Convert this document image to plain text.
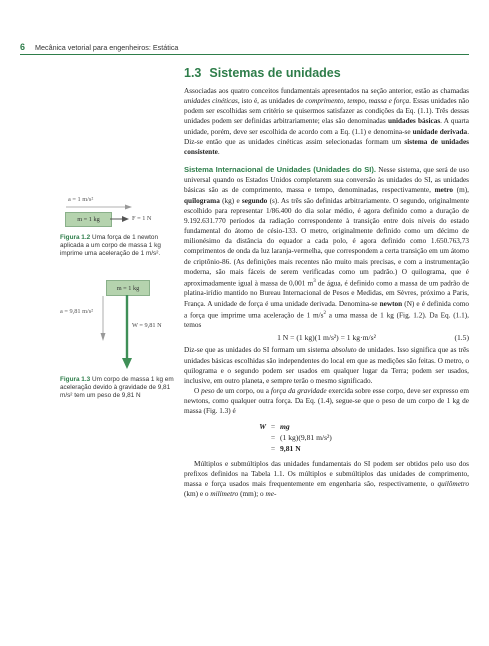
6 Mecânica vetorial para engenheiros: Estática
a = 1 m/s²
m = 1 kg	F = 1 N
Figura 1.2 Uma força de 1 newton aplicada a um corpo de massa 1 kg imprime uma aceleração de 1 m/s².
m = 1 kg
a = 9,81 m/s²
W = 9,81 N
Figura 1.3 Um corpo de massa 1 kg em aceleração devido à gravidade de 9,81 m/s² tem um peso de 9,81 N
1.3 Sistemas de unidades

Associadas aos quatro conceitos fundamentais apresentados na seção anterior, estão as chamadas unidades cinéticas, isto é, as unidades de comprimento, tempo, massa e força. Essas unidades não podem ser escolhidas sem critério se quisermos satisfazer as condições da Eq. (1.1). Três dessas unidades podem ser definidas arbitrariamente; elas são denominadas unidades básicas. A quarta unidade, porém, deve ser escolhida de acordo com a Eq. (1.1) e denomina-se unidade derivada. Diz-se então que as unidades cinéticas assim selecionadas formam um sistema de unidades consistente.

Sistema Internacional de Unidades (Unidades do SI). Nesse sistema, que será de uso universal quando os Estados Unidos completarem sua conversão às unidades do SI, as unidades básicas são as de comprimento, massa e tempo, denominadas, respectivamente, metro (m), quilograma (kg) e segundo (s). As três são definidas arbitrariamente. O segundo, originalmente escolhido para representar 1/86.400 do dia solar médio, é agora definido como a duração de 9.192.631.770 períodos da radiação correspondente à transição entre dois níveis do estado fundamental do átomo de césio-133. O metro, originalmente definido como um décimo de milionésimo da distância do equador a cada polo, é agora definido como 1.650.763,73 comprimentos de onda da luz laranja-vermelha, que correspondem a certa transição em um átomo de criptônio-86. (As definições mais recentes não muito mais precisas, e com a instrumentação moderna, são mais fáceis de serem verificadas como um padrão.) O quilograma, que é aproximadamente igual à massa de 0,001 $m^3$ de água, é definido como a massa de um padrão de platina-irídio mantido no Bureau Internacional de Pesos e Medidas, em Sèvres, próximo a Paris, França. A unidade de força é uma unidade derivada. Denomina-se newton (N) e é definida como a força que imprime uma aceleração de 1 $m/s^2$ a uma massa de 1 kg (Fig. 1.2). Da Eq. (1.1), temos

1 N = (1 kg)(1 m/s²) = 1 kg·m/s²	(1.5)

Diz-se que as unidades do SI formam um sistema absoluto de unidades. Isso significa que as três unidades básicas escolhidas são independentes do local em que as medições são feitas. O metro, o quilograma e o segundo podem ser usados em qualquer lugar da Terra; podem ser usados, inclusive, em outro planeta, e sempre terão o mesmo significado.

O peso de um corpo, ou a força da gravidade exercida sobre esse corpo, deve ser expresso em newtons, como qualquer outra força. Da Eq. (1.4), segue-se que o peso de um corpo de 1 kg de massa (Fig. 1.3) é

W = mg
= (1 kg)(9,81 m/s²)
= 9,81 N

Múltiplos e submúltiplos das unidades fundamentais do SI podem ser obtidos pelo uso dos prefixos definidos na Tabela 1.1. Os múltiplos e submúltiplos das unidades de comprimento, massa e força usados mais frequentemente em engenharia são, respectivamente, o quilômetro (km) e o milímetro (mm); o me-
